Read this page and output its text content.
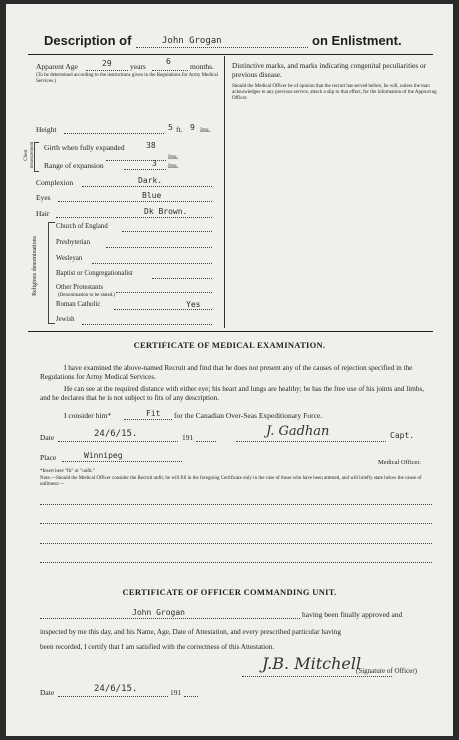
Description of	John Grogan	on Enlistment.
Apparent Age	29 years
6
months.
(To be determined according to the instructions given in the Regulations for Army Medical Services.)
Height	5 ft. 9 ins.
Chest measurement Girth when fully expanded	38
ins.
Range of expansion	3 ins.
Complexion	Dark.
Eyes	Blue
Hair	Dk Brown.
Religious denominations
Church of England
Presbyterian
Wesleyan
Baptist or Congregationalist
Other Protestants
(Denomination to be stated.)
Roman Catholic	Yes
Jewish
Distinctive marks, and marks indicating congenital peculiarities or previous disease.
Should the Medical Officer be of opinion that the recruit has served before, he will, unless the man acknowledges to any previous service, attach a slip to that effect, for the information of the Approving Officer.
CERTIFICATE OF MEDICAL EXAMINATION.
I have examined the above-named Recruit and find that he does not present any of the causes of rejection specified in the Regulations for Army Medical Services.
He can see at the required distance with either eye; his heart and lungs are healthy; he has the free use of his joints and limbs, and he declares that he is not subject to fits of any description.
I consider him*	Fit for the Canadian Over-Seas Expeditionary Force.
Date	24/6/15.	191	J. Gadhan	Capt.
Place	Winnipeg
Medical Officer.
*Insert here "fit" or "unfit."
Note.—Should the Medical Officer consider the Recruit unfit, he will fill in the foregoing Certificate only in the case of those who have been attested, and will briefly state below the cause of unfitness:—
CERTIFICATE OF OFFICER COMMANDING UNIT.
John Grogan	having been finally approved and
inspected by me this day, and his Name, Age, Date of Attestation, and every prescribed particular having
been recorded, I certify that I am satisfied with the correctness of this Attestation.
J.B. Mitchell
(Signature of Officer)
Date	24/6/15.	191
